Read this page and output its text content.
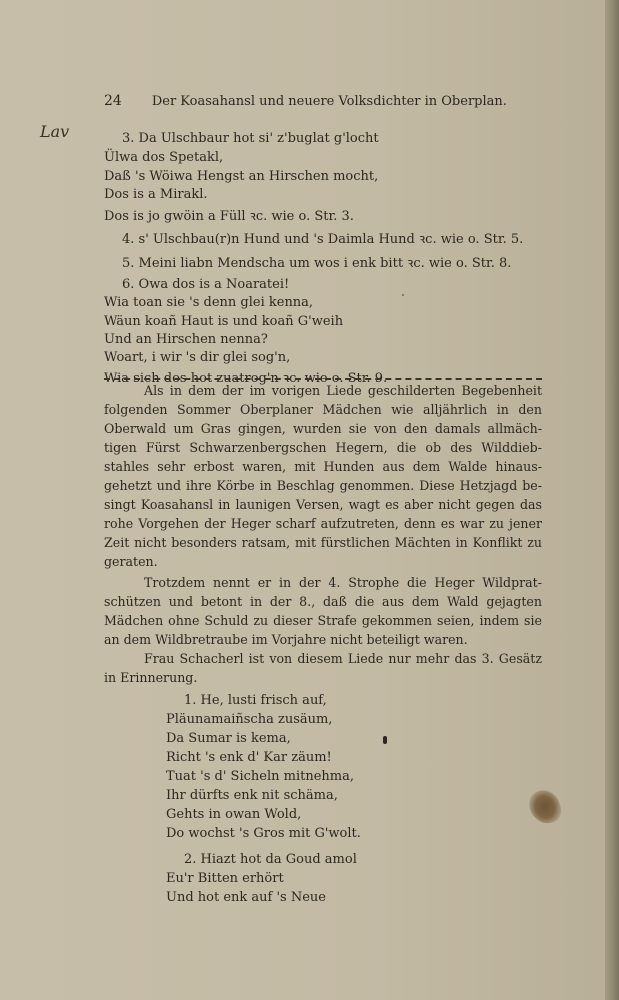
24 Der Koasahansl und neuere Volksdichter in Oberplan.
Lav	3. Da Ulschbaur hot si' z'buglat g'locht
Ülwa dos Spetakl,
Daß 's Wöiwa Hengst an Hirschen mocht,
Dos is a Mirakl.
Dos is jo gwöin a Füll ꝛc. wie o. Str. 3.
4. s' Ulschbau(r)n Hund und 's Daimla Hund ꝛc. wie o. Str. 5.
5. Meini liabn Mendscha um wos i enk bitt ꝛc. wie o. Str. 8.
6. Owa dos is a Noaratei!
Wia toan sie 's denn glei kenna,
Wäun koañ Haut is und koañ G'weih
Und an Hirschen nenna?
Woart, i wir 's dir glei sog'n,
Wia sich dos hot zuatrog'n ꝛc. wie o. Str. 9.
Als in dem der im vorigen Liede geschilderten Begebenheit
folgenden Sommer Oberplaner Mädchen wie alljährlich in den
Oberwald um Gras gingen, wurden sie von den damals allmäch-
tigen Fürst Schwarzenbergschen Hegern, die ob des Wilddieb-
stahles sehr erbost waren, mit Hunden aus dem Walde hinaus-
gehetzt und ihre Körbe in Beschlag genommen. Diese Hetzjagd be-
singt Koasahansl in launigen Versen, wagt es aber nicht gegen das
rohe Vorgehen der Heger scharf aufzutreten, denn es war zu jener
Zeit nicht besonders ratsam, mit fürstlichen Mächten in Konflikt zu
geraten.
Trotzdem nennt er in der 4. Strophe die Heger Wildprat-
schützen und betont in der 8., daß die aus dem Wald gejagten
Mädchen ohne Schuld zu dieser Strafe gekommen seien, indem sie
an dem Wildbretraube im Vorjahre nicht beteiligt waren.
Frau Schacherl ist von diesem Liede nur mehr das 3. Gesätz
in Erinnerung.
1. He, lusti frisch auf,
Pläunamaiñscha zusäum,
Da Sumar is kema,
Richt 's enk d' Kar zäum!
Tuat 's d' Sicheln mitnehma,
Ihr dürfts enk nit schäma,
Gehts in owan Wold,
Do wochst 's Gros mit G'wolt.
2. Hiazt hot da Goud amol
Eu'r Bitten erhört
Und hot enk auf 's Neue
